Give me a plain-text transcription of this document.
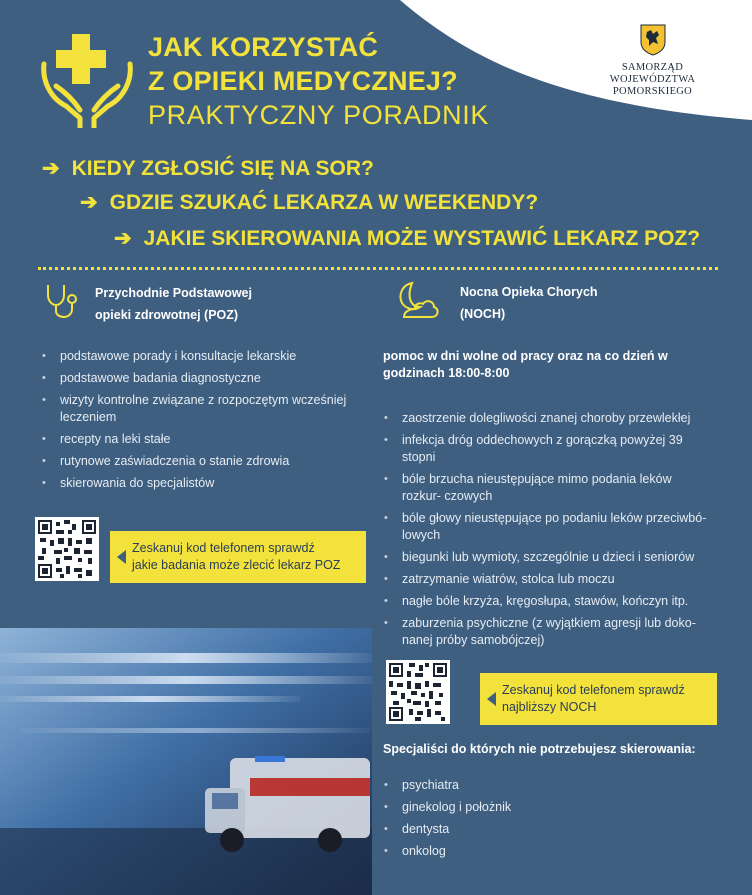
SAMORZĄD
WOJEWÓDZTWA POMORSKIEGO
JAK KORZYSTAĆ
Z OPIEKI MEDYCZNEJ?
PRAKTYCZNY PORADNIK
➔ KIEDY ZGŁOSIĆ SIĘ NA SOR?
➔ GDZIE SZUKAĆ LEKARZA W WEEKENDY?
➔ JAKIE SKIEROWANIA MOŻE WYSTAWIĆ LEKARZ POZ?
Przychodnie Podstawowej
opieki zdrowotnej (POZ)
• podstawowe porady i konsultacje lekarskie
• podstawowe badania diagnostyczne
• wizyty kontrolne związane z rozpoczętym wcześniej leczeniem
• recepty na leki stałe
• rutynowe zaświadczenia o stanie zdrowia
• skierowania do specjalistów
Zeskanuj kod telefonem sprawdź
jakie badania może zlecić lekarz POZ
Nocna Opieka Chorych
(NOCH)
pomoc w dni wolne od pracy oraz na co dzień w godzinach 18:00-8:00
• zaostrzenie dolegliwości znanej choroby przewlekłej
• infekcja dróg oddechowych z gorączką powyżej 39 stopni
• bóle brzucha nieustępujące mimo podania leków rozkur- czowych
• bóle głowy nieustępujące po podaniu leków przeciwbó- lowych
• biegunki lub wymioty, szczególnie u dzieci i seniorów
• zatrzymanie wiatrów, stolca lub moczu
• nagłe bóle krzyża, kręgosłupa, stawów, kończyn itp.
• zaburzenia psychiczne (z wyjątkiem agresji lub doko- nanej próby samobójczej)
Zeskanuj kod telefonem sprawdź
najbliższy NOCH
Specjaliści do których nie potrzebujesz skierowania:
• psychiatra
• ginekolog i położnik
• dentysta
• onkolog
